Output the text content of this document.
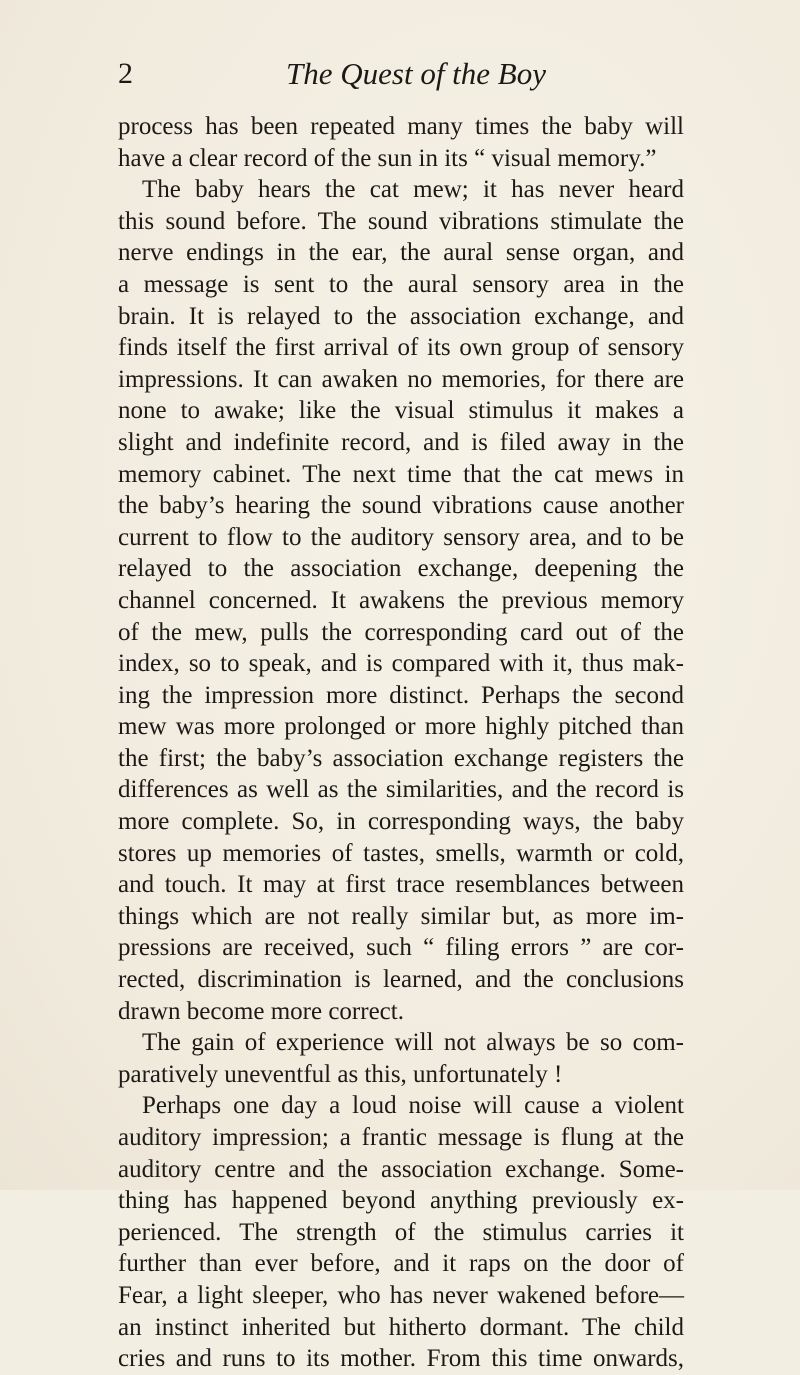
2	The Quest of the Boy
process has been repeated many times the baby will
have a clear record of the sun in its “ visual memory.”
The baby hears the cat mew; it has never heard
this sound before. The sound vibrations stimulate the
nerve endings in the ear, the aural sense organ, and
a message is sent to the aural sensory area in the
brain. It is relayed to the association exchange, and
finds itself the first arrival of its own group of sensory
impressions. It can awaken no memories, for there are
none to awake; like the visual stimulus it makes a
slight and indefinite record, and is filed away in the
memory cabinet. The next time that the cat mews in
the baby’s hearing the sound vibrations cause another
current to flow to the auditory sensory area, and to be
relayed to the association exchange, deepening the
channel concerned. It awakens the previous memory
of the mew, pulls the corresponding card out of the
index, so to speak, and is compared with it, thus mak-
ing the impression more distinct. Perhaps the second
mew was more prolonged or more highly pitched than
the first; the baby’s association exchange registers the
differences as well as the similarities, and the record is
more complete. So, in corresponding ways, the baby
stores up memories of tastes, smells, warmth or cold,
and touch. It may at first trace resemblances between
things which are not really similar but, as more im-
pressions are received, such “ filing errors ” are cor-
rected, discrimination is learned, and the conclusions
drawn become more correct.
The gain of experience will not always be so com-
paratively uneventful as this, unfortunately !
Perhaps one day a loud noise will cause a violent
auditory impression; a frantic message is flung at the
auditory centre and the association exchange. Some-
thing has happened beyond anything previously ex-
perienced. The strength of the stimulus carries it
further than ever before, and it raps on the door of
Fear, a light sleeper, who has never wakened before—
an instinct inherited but hitherto dormant. The child
cries and runs to its mother. From this time onwards,
